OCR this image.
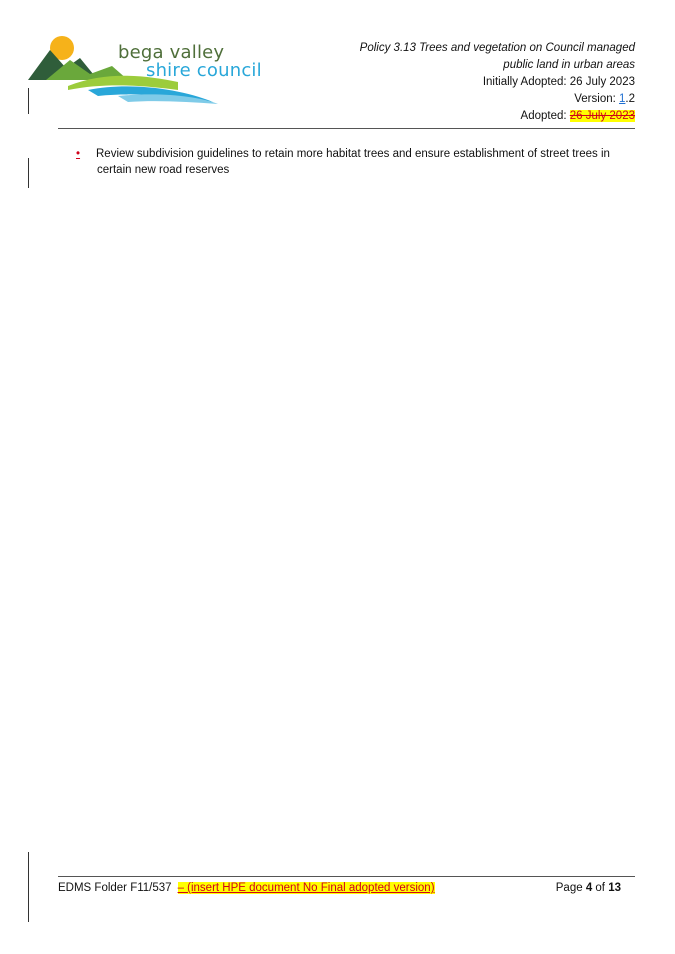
bega valley
shire council
Policy 3.13 Trees and vegetation on Council managed
public land in urban areas
Initially Adopted: 26 July 2023
Version: 1.2
Adopted: 26 July 2023
• Review subdivision guidelines to retain more habitat trees and ensure establishment of street trees in
certain new road reserves
EDMS Folder F11/537 – (insert HPE document No Final adopted version)	Page 4 of 13
